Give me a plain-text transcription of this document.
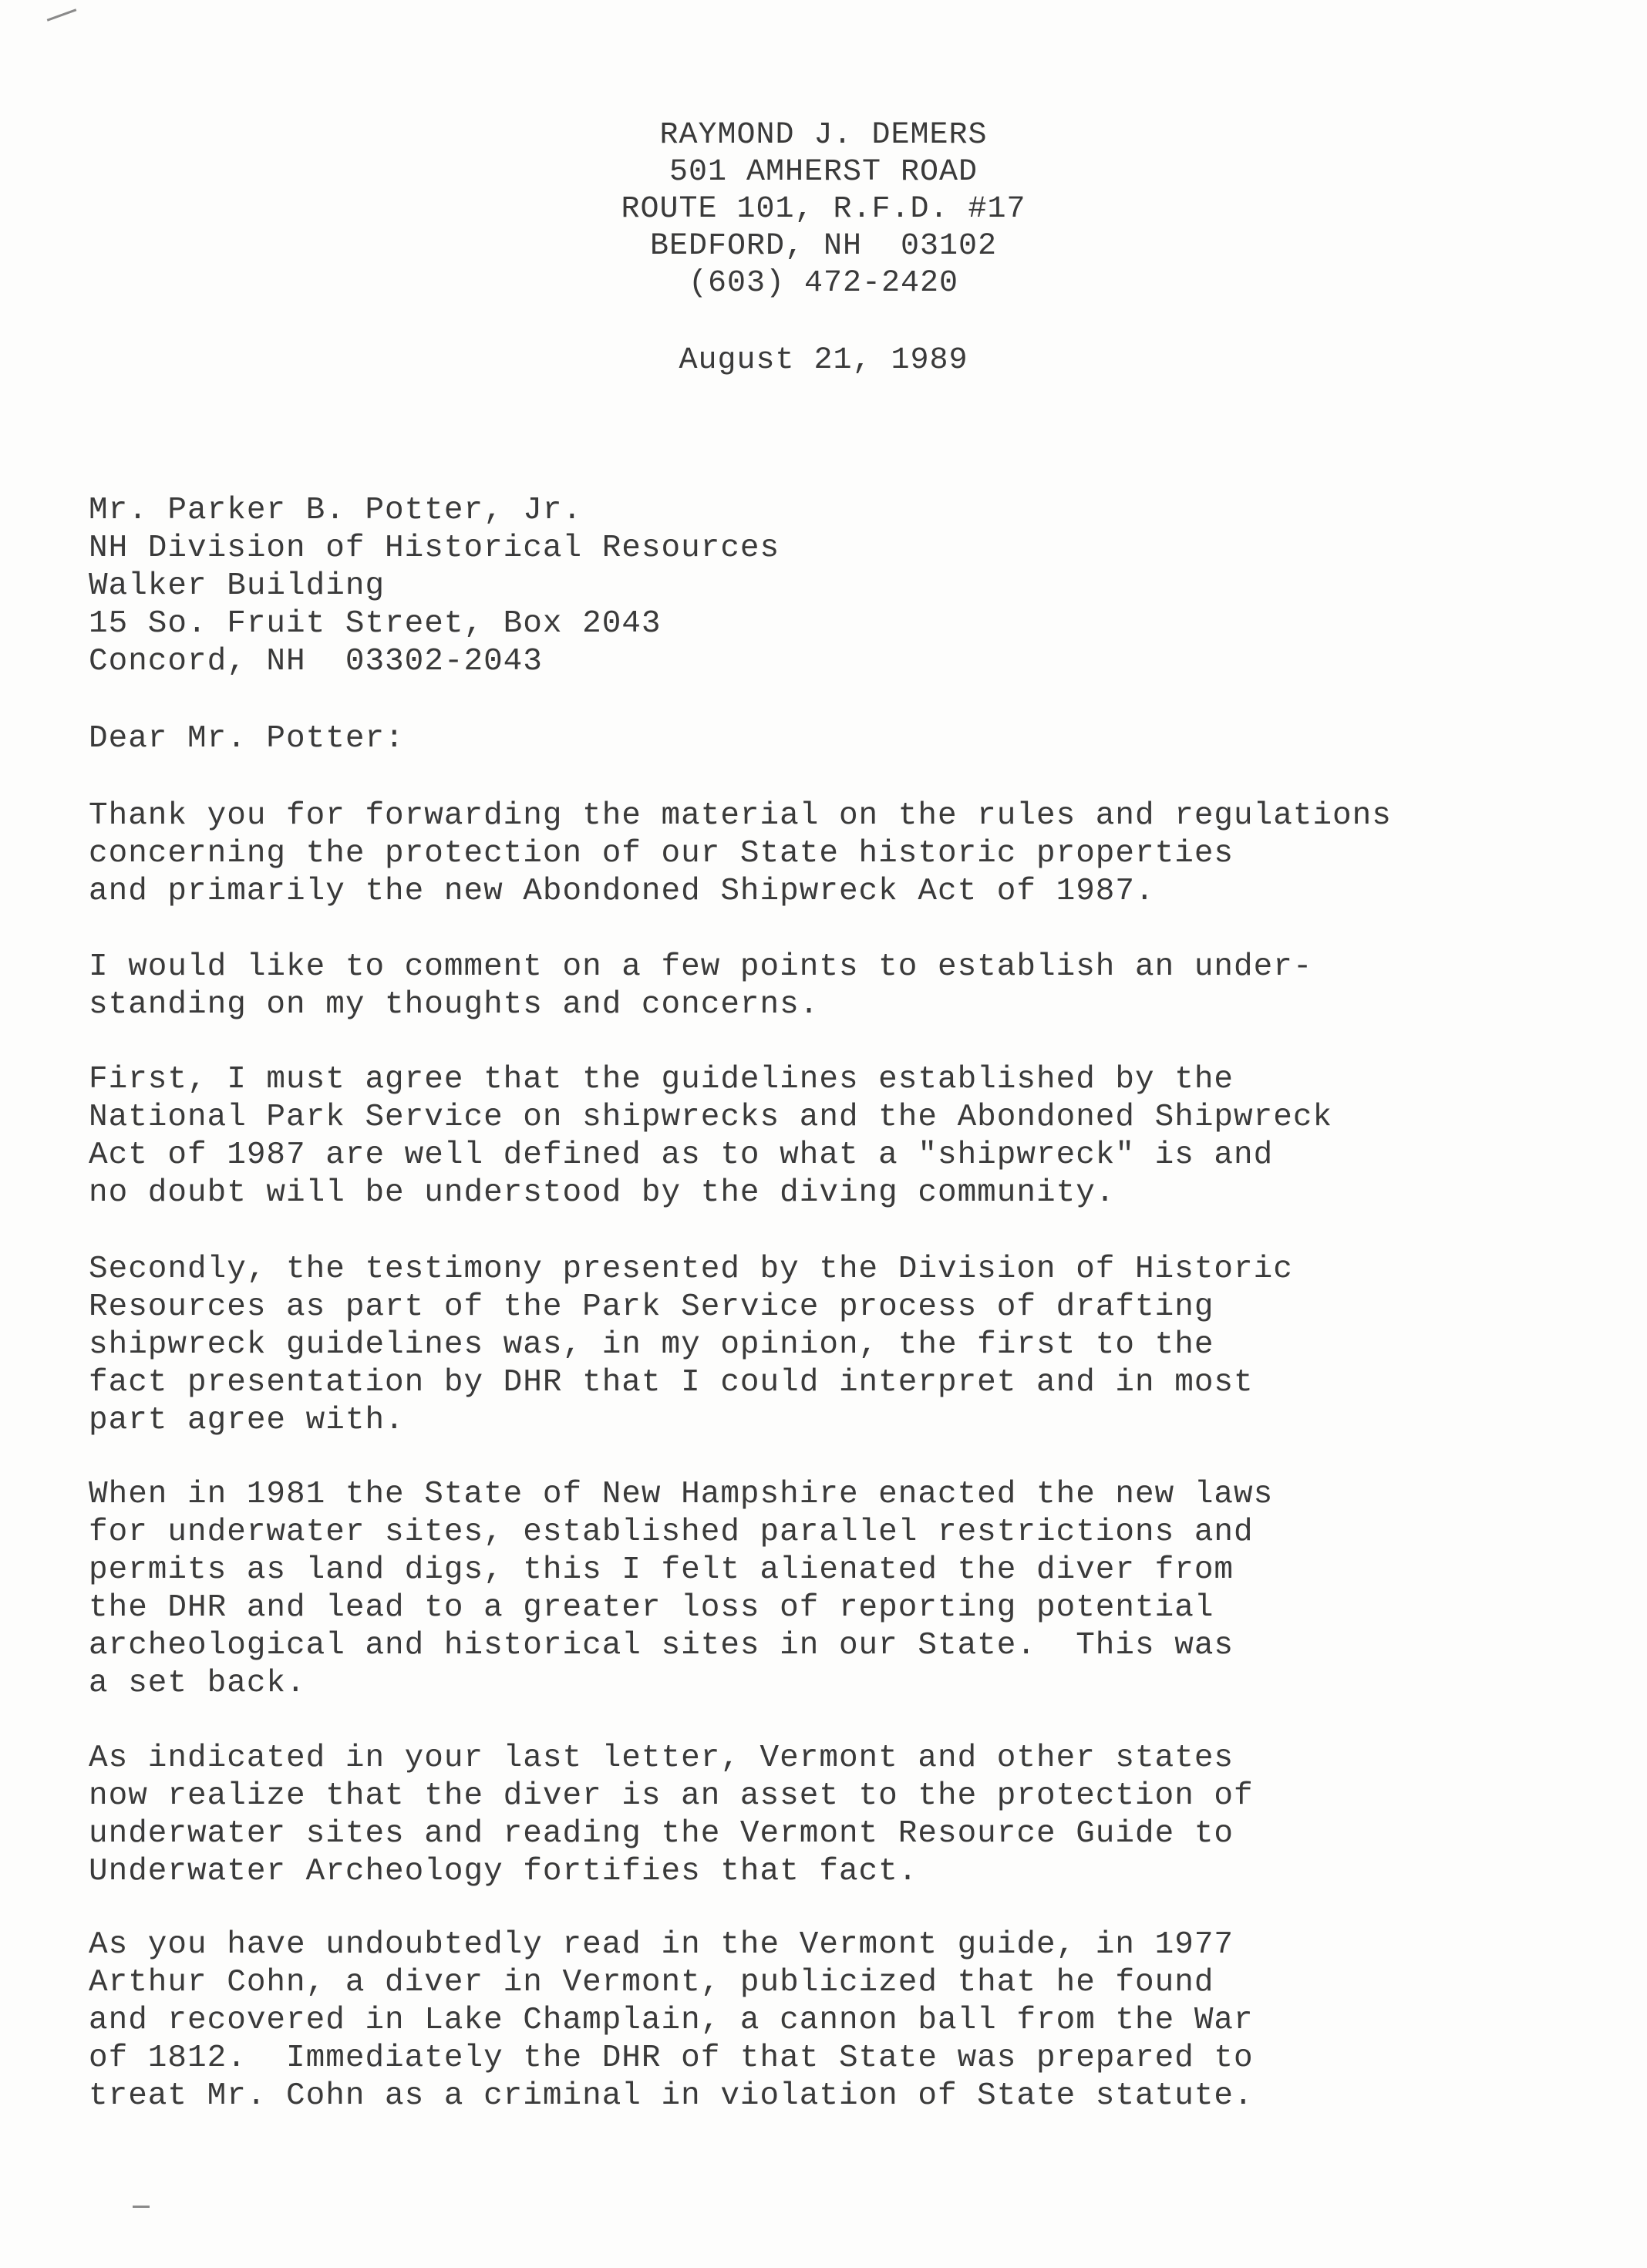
RAYMOND J. DEMERS
501 AMHERST ROAD
ROUTE 101, R.F.D. #17
BEDFORD, NH  03102
(603) 472-2420
August 21, 1989
Mr. Parker B. Potter, Jr.
NH Division of Historical Resources
Walker Building
15 So. Fruit Street, Box 2043
Concord, NH  03302-2043
Dear Mr. Potter:
Thank you for forwarding the material on the rules and regulations
concerning the protection of our State historic properties
and primarily the new Abondoned Shipwreck Act of 1987.
I would like to comment on a few points to establish an under-
standing on my thoughts and concerns.
First, I must agree that the guidelines established by the
National Park Service on shipwrecks and the Abondoned Shipwreck
Act of 1987 are well defined as to what a "shipwreck" is and
no doubt will be understood by the diving community.
Secondly, the testimony presented by the Division of Historic
Resources as part of the Park Service process of drafting
shipwreck guidelines was, in my opinion, the first to the
fact presentation by DHR that I could interpret and in most
part agree with.
When in 1981 the State of New Hampshire enacted the new laws
for underwater sites, established parallel restrictions and
permits as land digs, this I felt alienated the diver from
the DHR and lead to a greater loss of reporting potential
archeological and historical sites in our State.  This was
a set back.
As indicated in your last letter, Vermont and other states
now realize that the diver is an asset to the protection of
underwater sites and reading the Vermont Resource Guide to
Underwater Archeology fortifies that fact.
As you have undoubtedly read in the Vermont guide, in 1977
Arthur Cohn, a diver in Vermont, publicized that he found
and recovered in Lake Champlain, a cannon ball from the War
of 1812.  Immediately the DHR of that State was prepared to
treat Mr. Cohn as a criminal in violation of State statute.
